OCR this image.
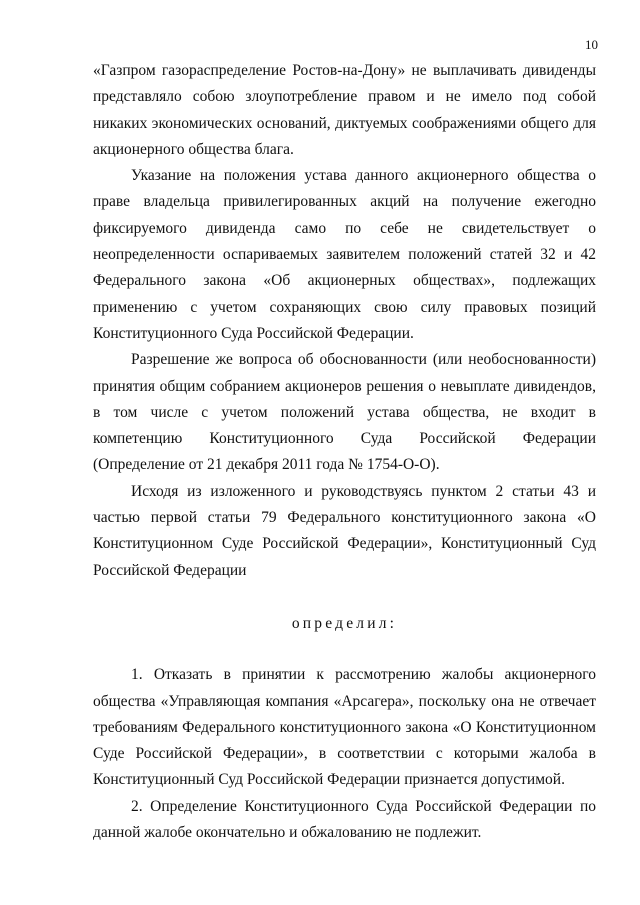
10

«Газпром газораспределение Ростов-на-Дону» не выплачивать дивиденды представляло собою злоупотребление правом и не имело под собой никаких экономических оснований, диктуемых соображениями общего для акционерного общества блага.

Указание на положения устава данного акционерного общества о праве владельца привилегированных акций на получение ежегодно фиксируемого дивиденда само по себе не свидетельствует о неопределенности оспариваемых заявителем положений статей 32 и 42 Федерального закона «Об акционерных обществах», подлежащих применению с учетом сохраняющих свою силу правовых позиций Конституционного Суда Российской Федерации.

Разрешение же вопроса об обоснованности (или необоснованности) принятия общим собранием акционеров решения о невыплате дивидендов, в том числе с учетом положений устава общества, не входит в компетенцию Конституционного Суда Российской Федерации (Определение от 21 декабря 2011 года № 1754-О-О).

Исходя из изложенного и руководствуясь пунктом 2 статьи 43 и частью первой статьи 79 Федерального конституционного закона «О Конституционном Суде Российской Федерации», Конституционный Суд Российской Федерации

определил:

1. Отказать в принятии к рассмотрению жалобы акционерного общества «Управляющая компания «Арсагера», поскольку она не отвечает требованиям Федерального конституционного закона «О Конституционном Суде Российской Федерации», в соответствии с которыми жалоба в Конституционный Суд Российской Федерации признается допустимой.

2. Определение Конституционного Суда Российской Федерации по данной жалобе окончательно и обжалованию не подлежит.
